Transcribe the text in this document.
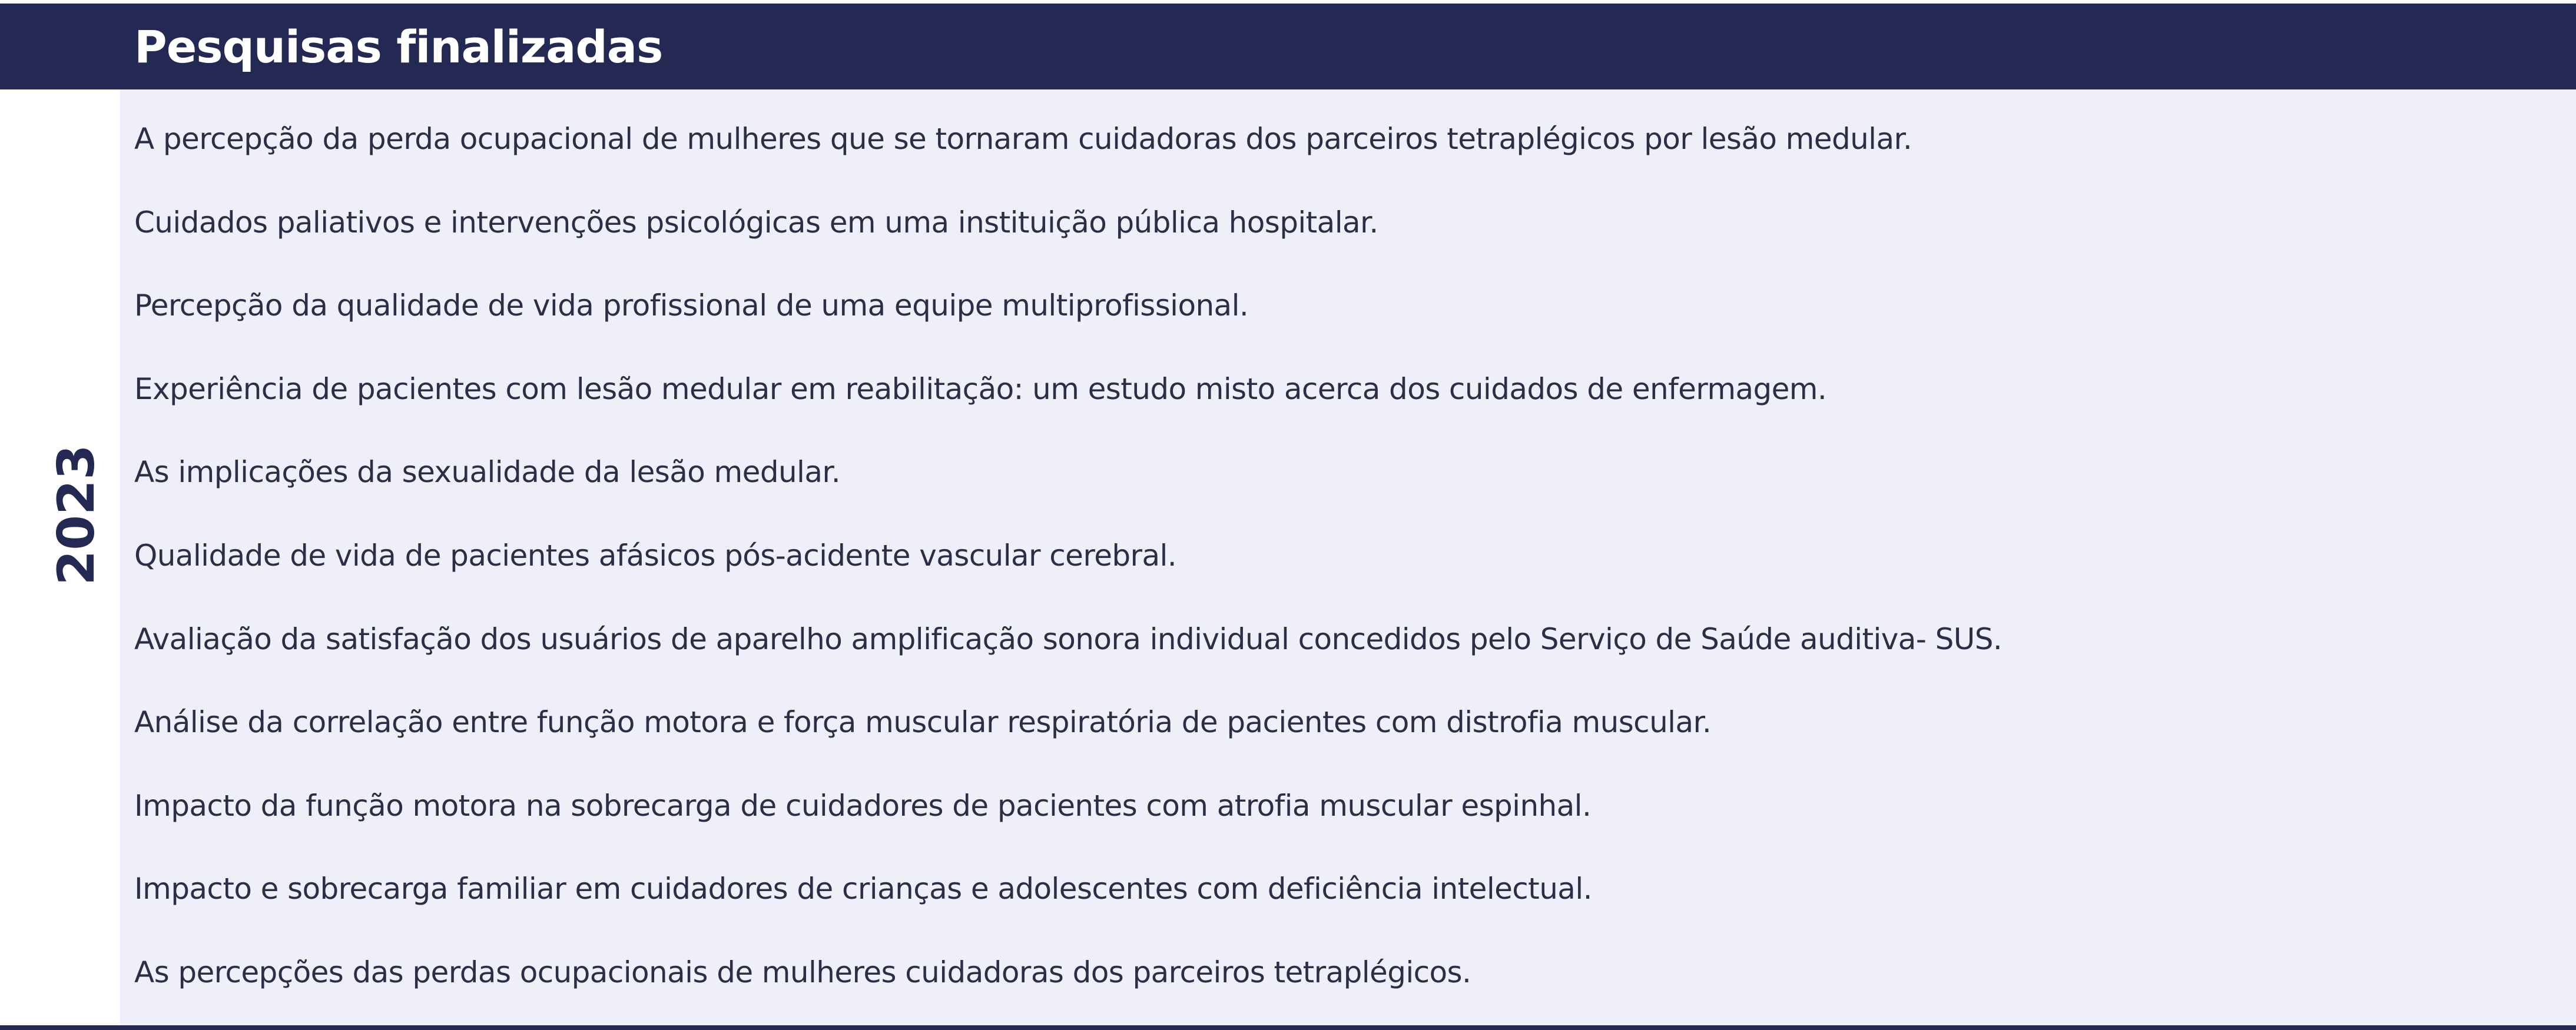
Pesquisas finalizadas
2023
A percepção da perda ocupacional de mulheres que se tornaram cuidadoras dos parceiros tetraplégicos por lesão medular.
Cuidados paliativos e intervenções psicológicas em uma instituição pública hospitalar.
Percepção da qualidade de vida profissional de uma equipe multiprofissional.
Experiência de pacientes com lesão medular em reabilitação: um estudo misto acerca dos cuidados de enfermagem.
As implicações da sexualidade da lesão medular.
Qualidade de vida de pacientes afásicos pós-acidente vascular cerebral.
Avaliação da satisfação dos usuários de aparelho amplificação sonora individual concedidos pelo Serviço de Saúde auditiva- SUS.
Análise da correlação entre função motora e força muscular respiratória de pacientes com distrofia muscular.
Impacto da função motora na sobrecarga de cuidadores de pacientes com atrofia muscular espinhal.
Impacto e sobrecarga familiar em cuidadores de crianças e adolescentes com deficiência intelectual.
As percepções das perdas ocupacionais de mulheres cuidadoras dos parceiros tetraplégicos.
